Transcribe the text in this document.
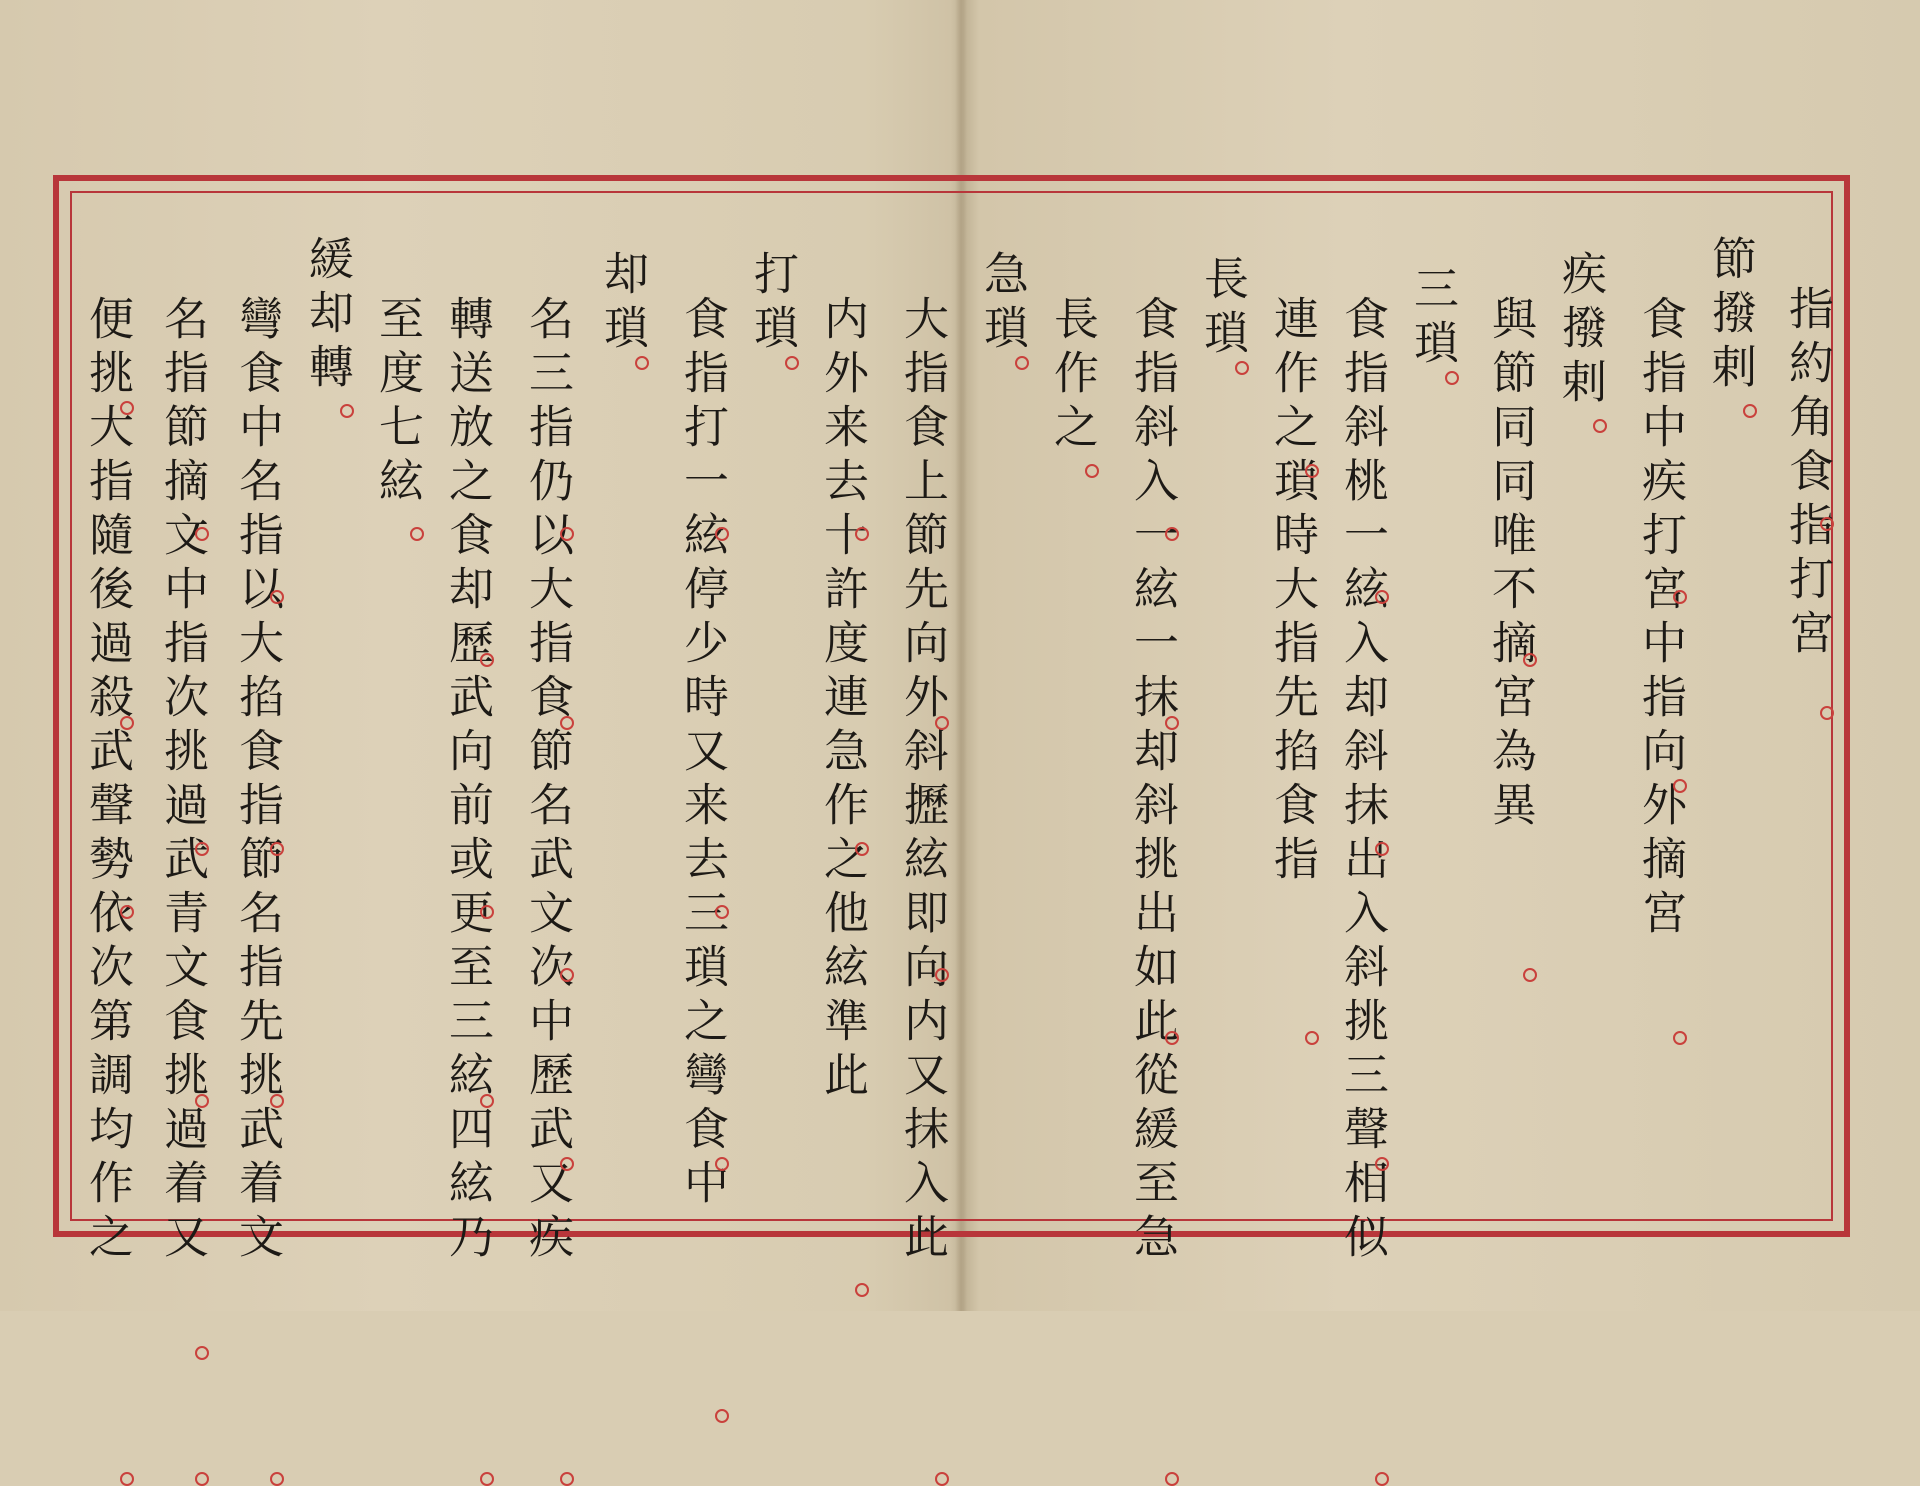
指約角食指打宮
節撥剌
食指中疾打宮中指向外摘宮
疾撥剌
與節同同唯不摘宮為異
三瑣
食指斜桃一絃入却斜抹出入斜挑三聲相似
連作之瑣時大指先掐食指
長瑣
食指斜入一絃一抹却斜挑出如此從緩至急
長作之
急瑣
大指食上節先向外斜攊絃即向内又抹入此
内外来去十許度連急作之他絃準此
打瑣
食指打一絃停少時又来去三瑣之彎食中
却瑣
名三指仍以大指食節名武文次中歷武又疾
轉送放之食却歷武向前或更至三絃四絃乃
至度七絃
緩却轉
彎食中名指以大掐食指節名指先挑武着文
名指節摘文中指次挑過武青文食挑過着又
便挑大指隨後過殺武聲勢依次第調均作之
